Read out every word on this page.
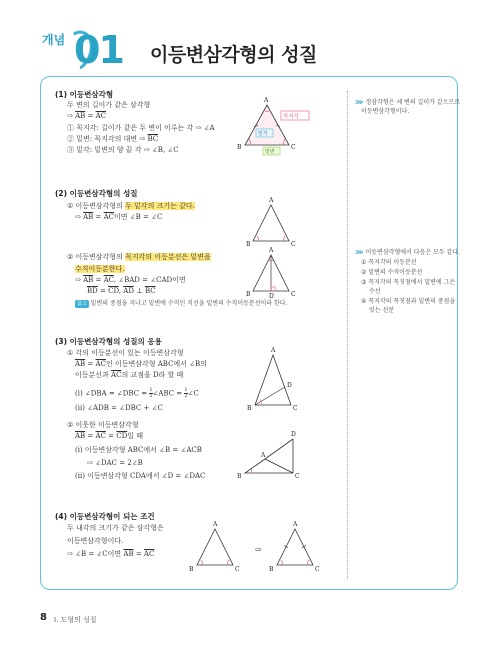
개념 01 이등변삼각형의 성질
(1) 이등변삼각형
두 변의 길이가 같은 삼각형
⇨ $\overline{AB} = \overline{AC}$
① 꼭지각: 길이가 같은 두 변이 이루는 각 ⇨ ∠A
② 밑변: 꼭지각의 대변 ⇨ $\overline{BC}$
③ 밑각: 밑변의 양 끝 각 ⇨ ∠B, ∠C
A
B	C
꼭지각
밑각
밑변
⋙ 정삼각형은 세 변의 길이가 같으므로
이등변삼각형이다.
(2) 이등변삼각형의 성질
① 이등변삼각형의 두 밑각의 크기는 같다.
⇨ $\overline{AB} = \overline{AC}$이면 ∠B = ∠C
A
B	C
② 이등변삼각형의 꼭지각의 이등분선은 밑변을
수직이등분한다.
⇨ $\overline{AB} = \overline{AC}$, ∠BAD = ∠CAD이면
$\overline{BD} = \overline{CD}$, $\overline{AD}$ ⊥ $\overline{BC}$
참고 밑변의 중점을 지나고 밑변에 수직인 직선을 밑변의 수직이등분선이라 한다.
A
B	C
D
⋙ 이등변삼각형에서 다음은 모두 같다.
① 꼭지각의 이등분선
② 밑변의 수직이등분선
③ 꼭지각의 꼭짓점에서 밑변에 그은
수선
④ 꼭지각의 꼭짓점과 밑변의 중점을
잇는 선분
(3) 이등변삼각형의 성질의 응용
① 각의 이등분선이 있는 이등변삼각형
$\overline{AB} = \overline{AC}$인 이등변삼각형 ABC에서 ∠B의
이등분선과 $\overline{AC}$의 교점을 D라 할 때
(ⅰ) ∠DBA = ∠DBC = $\frac{1}{2}$ ∠ABC = $\frac{1}{2}$ ∠C
(ⅱ) ∠ADB = ∠DBC + ∠C
A
B	C
D
② 이웃한 이등변삼각형
$\overline{AB} = \overline{AC} = \overline{CD}$일 때
(ⅰ) 이등변삼각형 ABC에서 ∠B = ∠ACB
⇨ ∠DAC = 2∠B
(ⅱ) 이등변삼각형 CDA에서 ∠D = ∠DAC
A
B	C
D
(4) 이등변삼각형이 되는 조건
두 내각의 크기가 같은 삼각형은
이등변삼각형이다.
⇨ ∠B = ∠C이면 $\overline{AB} = \overline{AC}$
A
B	C
⇨
A
B	C
8 Ⅰ. 도형의 성질
